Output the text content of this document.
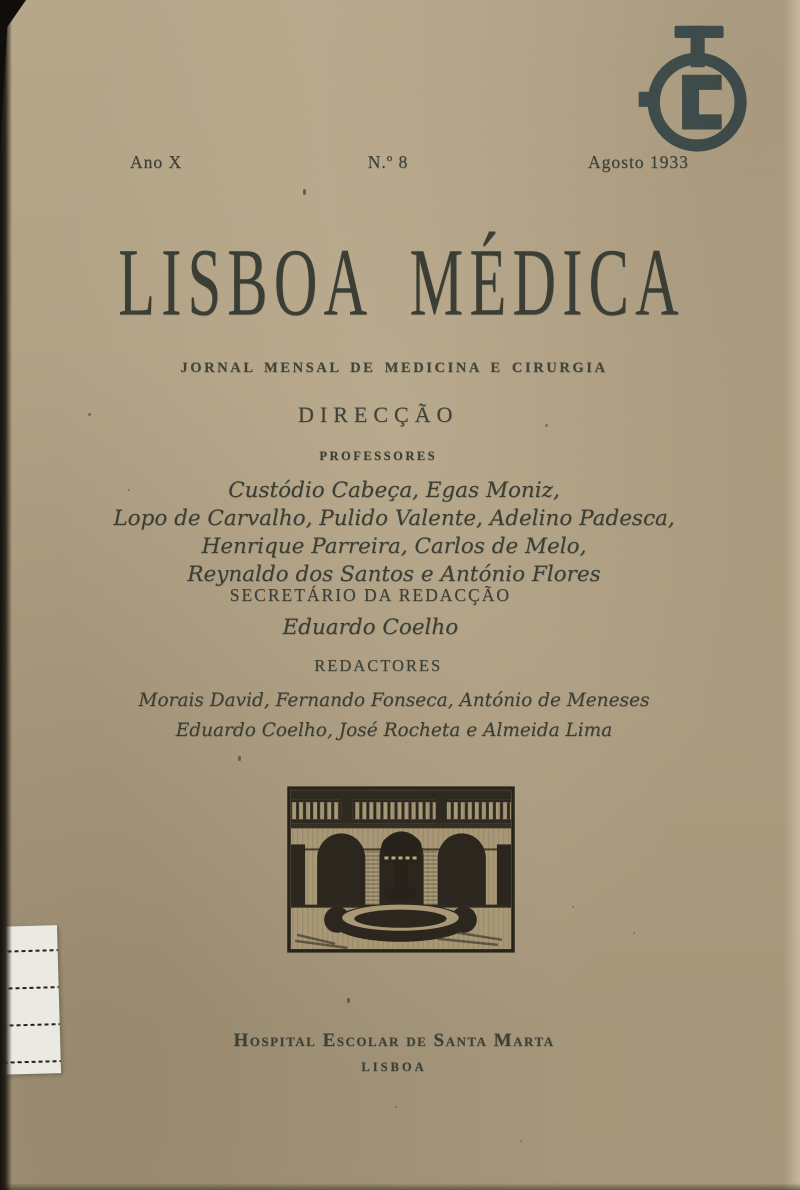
Ano X	N.º 8	Agosto 1933
LISBOA MÉDICA
JORNAL MENSAL DE MEDICINA E CIRURGIA
DIRECÇÃO
PROFESSORES
Custódio Cabeça, Egas Moniz,
Lopo de Carvalho, Pulido Valente, Adelino Padesca,
Henrique Parreira, Carlos de Melo,
Reynaldo dos Santos e António Flores
SECRETÁRIO DA REDACÇÃO
Eduardo Coelho
REDACTORES
Morais David, Fernando Fonseca, António de Meneses
Eduardo Coelho, José Rocheta e Almeida Lima
Hospital Escolar de Santa Marta
LISBOA
